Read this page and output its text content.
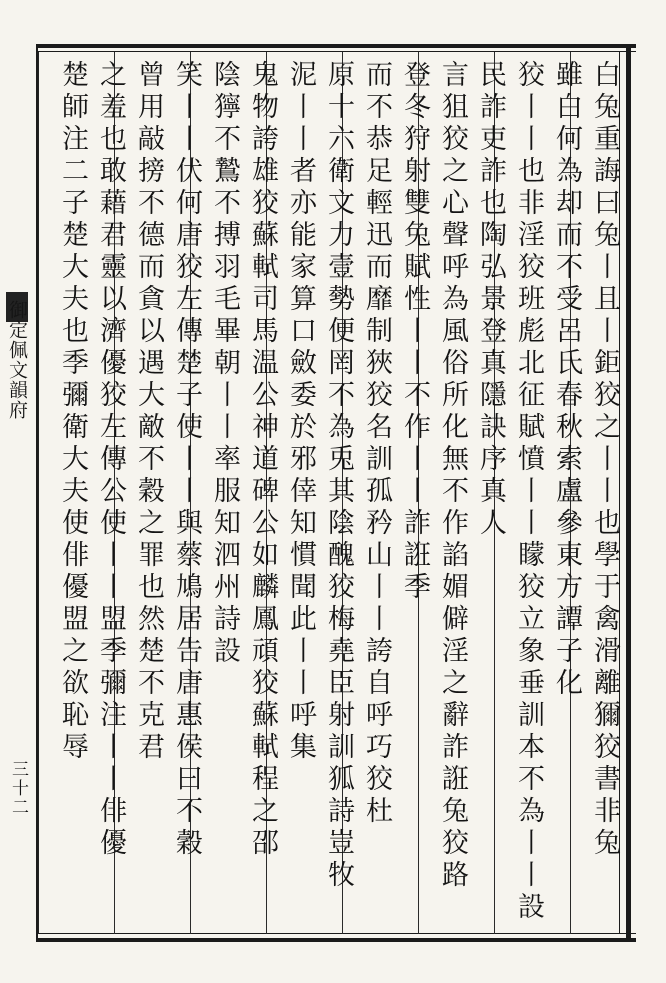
御定佩文韻府
三十二	白兔重誨曰兔丨且丨鉅狡之丨丨也學于禽滑離獮狡書非兔
雖白何為却而不受呂氏春秋索盧參東方譚子化
狡丨丨也非淫狡班彪北征賦憤丨丨矇狡立象垂訓本不為丨丨設
民詐吏詐也陶弘景登真隱訣序真人
言狙狡之心聲呼為風俗所化無不作諂媚僻淫之辭詐誑兔狡路
登冬狩射雙兔賦性丨丨不作丨丨詐誑季
而不恭足輕迅而靡制狹狡名訓孤矜山丨丨誇自呼巧狡杜
原十六衛文力壹勢便罔不為兎其陰醜狡梅堯臣射訓狐詩豈牧
泥丨丨者亦能家算口斂委於邪倖知慣聞此丨丨呼集
鬼物誇雄狡蘇軾司馬温公神道碑公如麟鳳頑狡蘇軾程之邵
陰獰不鷙不搏羽毛畢朝丨丨率服知泗州詩設
笑丨丨伏何唐狡左傳楚子使丨丨與蔡鳩居告唐惠侯曰不穀
曾用敲搒不德而貪以遇大敵不穀之罪也然楚不克君
之羞也敢藉君靈以濟優狡左傳公使丨丨盟季彌注丨丨俳優
楚師注二子楚大夫也季彌衛大夫使俳優盟之欲恥辱
